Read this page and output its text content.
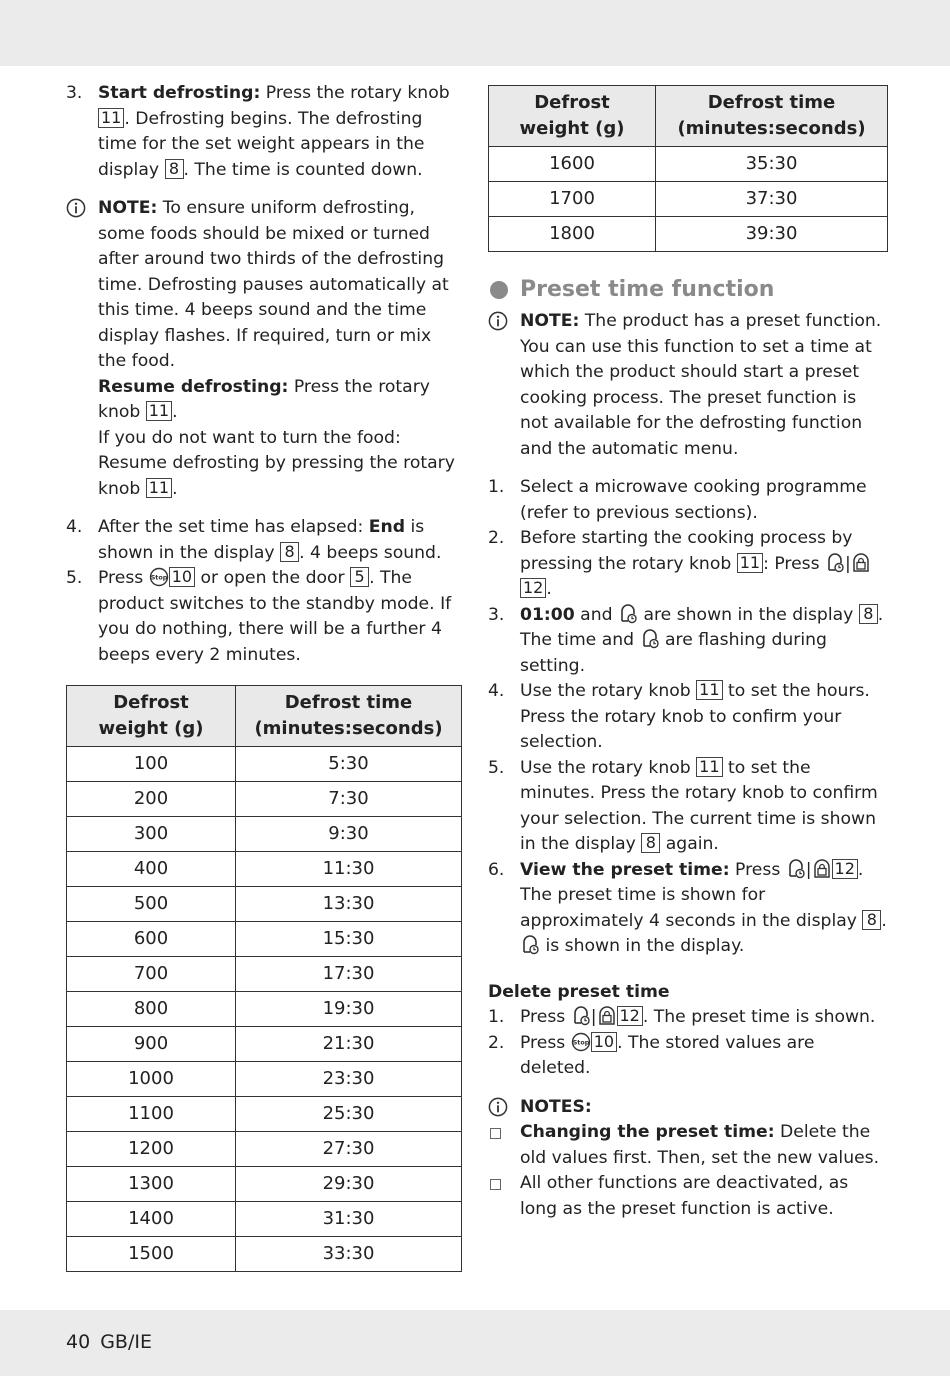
3. Start defrosting: Press the rotary knob 11 . Defrosting begins. The defrosting time for the set weight appears in the display 8 . The time is counted down.
NOTE: To ensure uniform defrosting, some foods should be mixed or turned after around two thirds of the defrosting time. Defrosting pauses automatically at this time. 4 beeps sound and the time display flashes. If required, turn or mix the food.
Resume defrosting: Press the rotary knob 11 .
If you do not want to turn the food: Resume defrosting by pressing the rotary knob 11 .
4. After the set time has elapsed: End is shown in the display 8 . 4 beeps sound.
5. Press 10 or open the door 5 . The product switches to the standby mode. If you do nothing, there will be a further 4 beeps every 2 minutes.
Defrost
weight (g)	Defrost time
(minutes:seconds)
100	5:30
200	7:30
300	9:30
400	11:30
500	13:30
600	15:30
700	17:30
800	19:30
900	21:30
1000	23:30
1100	25:30
1200	27:30
1300	29:30
1400	31:30
1500	33:30
Defrost
weight (g)	Defrost time
(minutes:seconds)
1600	35:30
1700	37:30
1800	39:30
Preset time function
NOTE: The product has a preset function. You can use this function to set a time at which the product should start a preset cooking process. The preset function is not available for the defrosting function and the automatic menu.
1. Select a microwave cooking programme (refer to previous sections).
2. Before starting the cooking process by pressing the rotary knob 11 : Press |12 .
3. 01:00 and  are shown in the display 8 . The time and  are flashing during setting.
4. Use the rotary knob 11 to set the hours. Press the rotary knob to confirm your selection.
5. Use the rotary knob 11 to set the minutes. Press the rotary knob to confirm your selection. The current time is shown in the display 8 again.
6. View the preset time: Press | 12 . The preset time is shown for approximately 4 seconds in the display 8 .  is shown in the display.
Delete preset time
1. Press | 12 . The preset time is shown.
2. Press 10 . The stored values are deleted.
NOTES:
Changing the preset time: Delete the old values first. Then, set the new values.
All other functions are deactivated, as long as the preset function is active.
40 GB/IE
